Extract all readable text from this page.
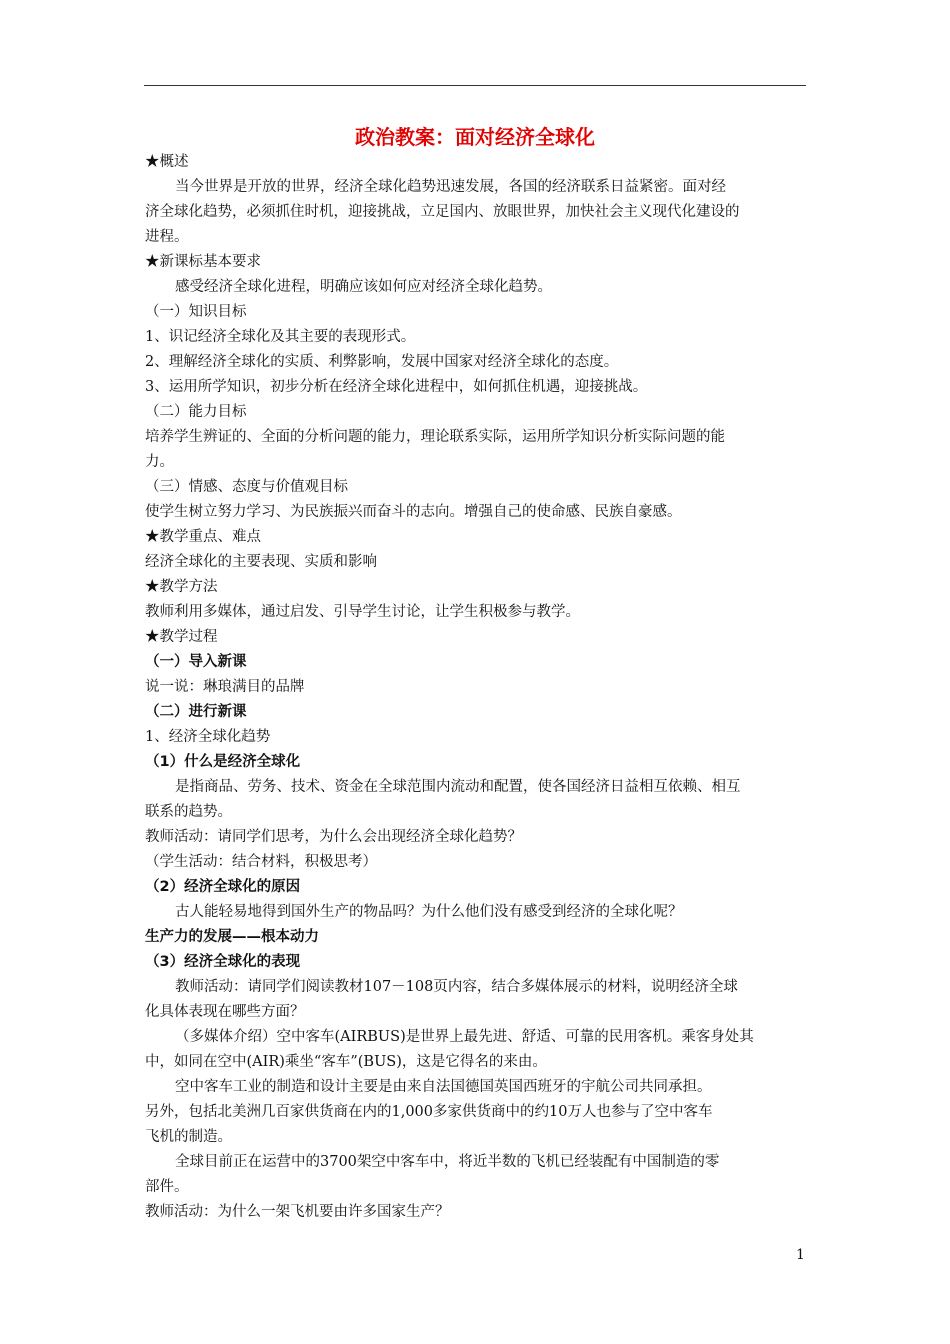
政治教案：面对经济全球化
★概述
当今世界是开放的世界，经济全球化趋势迅速发展，各国的经济联系日益紧密。面对经
济全球化趋势，必须抓住时机，迎接挑战，立足国内、放眼世界，加快社会主义现代化建设的
进程。
★新课标基本要求
感受经济全球化进程，明确应该如何应对经济全球化趋势。
（一）知识目标
1、识记经济全球化及其主要的表现形式。
2、理解经济全球化的实质、利弊影响，发展中国家对经济全球化的态度。
3、运用所学知识，初步分析在经济全球化进程中，如何抓住机遇，迎接挑战。
（二）能力目标
培养学生辨证的、全面的分析问题的能力，理论联系实际，运用所学知识分析实际问题的能
力。
（三）情感、态度与价值观目标
使学生树立努力学习、为民族振兴而奋斗的志向。增强自己的使命感、民族自豪感。
★教学重点、难点
经济全球化的主要表现、实质和影响
★教学方法
教师利用多媒体，通过启发、引导学生讨论，让学生积极参与教学。
★教学过程
（一）导入新课
说一说：琳琅满目的品牌
（二）进行新课
1、经济全球化趋势
（1）什么是经济全球化
是指商品、劳务、技术、资金在全球范围内流动和配置，使各国经济日益相互依赖、相互
联系的趋势。
教师活动：请同学们思考，为什么会出现经济全球化趋势？
（学生活动：结合材料，积极思考）
（2）经济全球化的原因
古人能轻易地得到国外生产的物品吗？为什么他们没有感受到经济的全球化呢？
生产力的发展——根本动力
（3）经济全球化的表现
教师活动：请同学们阅读教材107－108页内容，结合多媒体展示的材料，说明经济全球
化具体表现在哪些方面？
（多媒体介绍）空中客车(AIRBUS)是世界上最先进、舒适、可靠的民用客机。乘客身处其
中，如同在空中(AIR)乘坐“客车”(BUS)，这是它得名的来由。
空中客车工业的制造和设计主要是由来自法国德国英国西班牙的宇航公司共同承担。
另外，包括北美洲几百家供货商在内的1,000多家供货商中的约10万人也参与了空中客车
飞机的制造。
全球目前正在运营中的3700架空中客车中，将近半数的飞机已经装配有中国制造的零
部件。
教师活动：为什么一架飞机要由许多国家生产？
1
